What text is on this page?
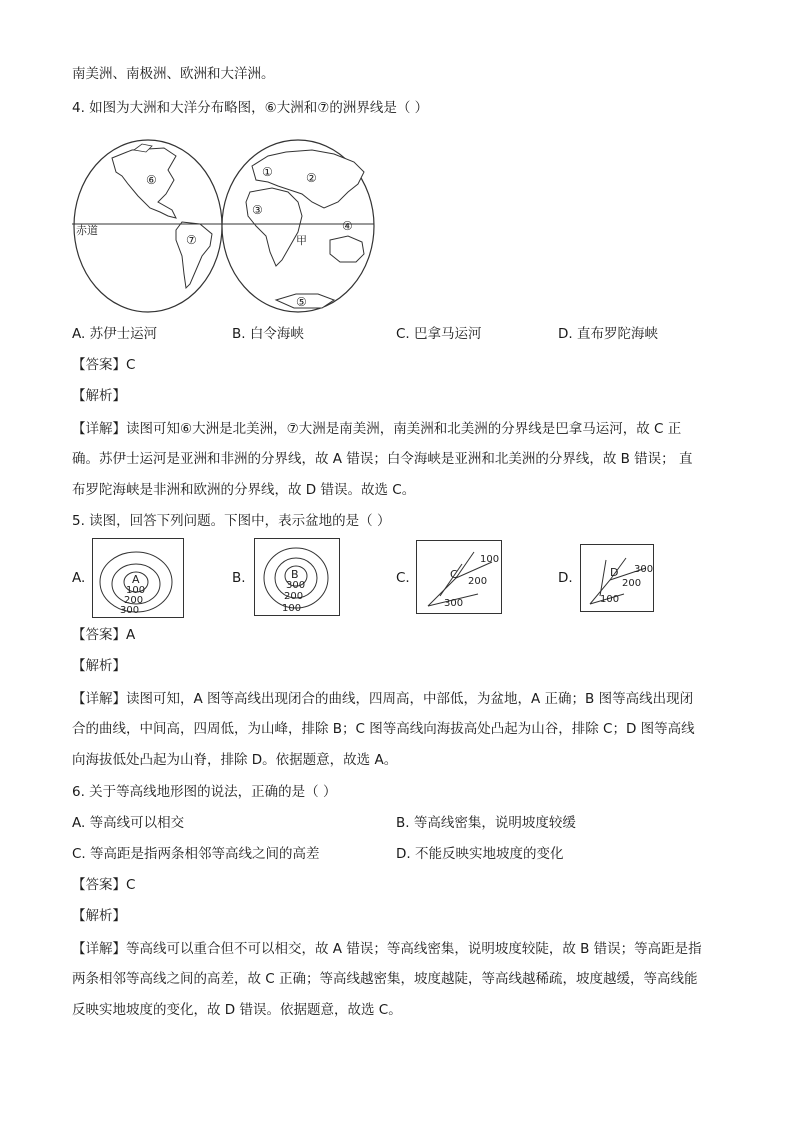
南美洲、南极洲、欧洲和大洋洲。
4. 如图为大洲和大洋分布略图，⑥大洲和⑦的洲界线是（ ）
赤道
甲
①	②
③
④
⑤
⑥
⑦
A. 苏伊士运河	B. 白令海峡	C. 巴拿马运河	D. 直布罗陀海峡
【答案】C
【解析】
【详解】读图可知⑥大洲是北美洲，⑦大洲是南美洲，南美洲和北美洲的分界线是巴拿马运河，故 C 正
确。苏伊士运河是亚洲和非洲的分界线，故 A 错误；白令海峡是亚洲和北美洲的分界线，故 B 错误； 直
布罗陀海峡是非洲和欧洲的分界线，故 D 错误。故选 C。
5. 读图，回答下列问题。下图中，表示盆地的是（ ）
A.	A
100
200
300
B.	B
300
200
100
C.	C
100
200
300
D.	D 300
200
100
【答案】A
【解析】
【详解】读图可知，A 图等高线出现闭合的曲线，四周高，中部低，为盆地，A 正确；B 图等高线出现闭
合的曲线，中间高，四周低，为山峰，排除 B；C 图等高线向海拔高处凸起为山谷，排除 C；D 图等高线
向海拔低处凸起为山脊，排除 D。依据题意，故选 A。
6. 关于等高线地形图的说法，正确的是（ ）
A. 等高线可以相交	B. 等高线密集，说明坡度较缓
C. 等高距是指两条相邻等高线之间的高差	D. 不能反映实地坡度的变化
【答案】C
【解析】
【详解】等高线可以重合但不可以相交，故 A 错误；等高线密集，说明坡度较陡，故 B 错误；等高距是指
两条相邻等高线之间的高差，故 C 正确；等高线越密集，坡度越陡，等高线越稀疏，坡度越缓，等高线能
反映实地坡度的变化，故 D 错误。依据题意，故选 C。
